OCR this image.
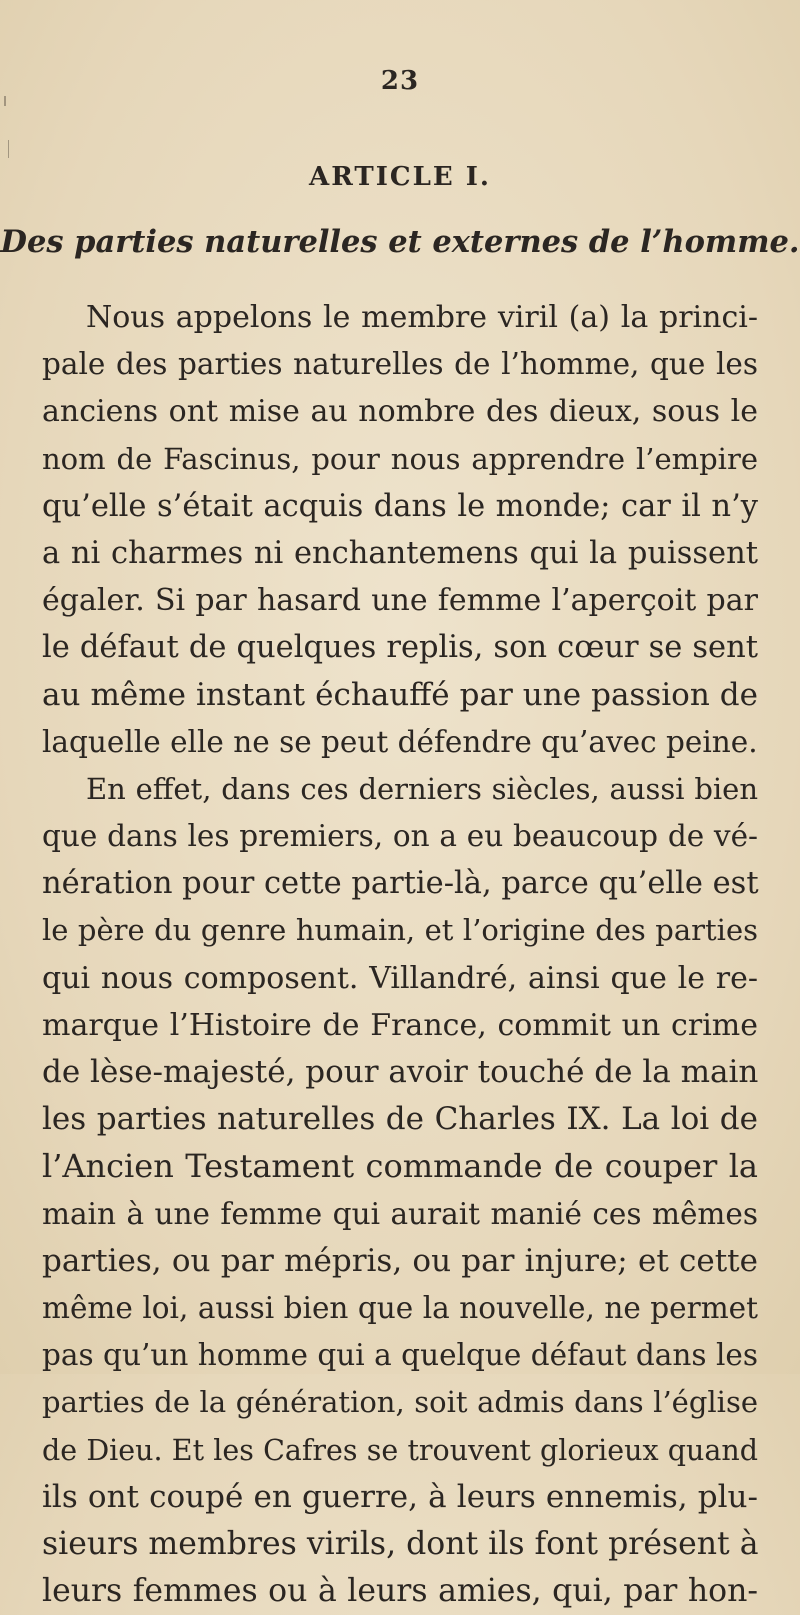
23
ARTICLE I.
Des parties naturelles et externes de l’homme.
Nous appelons le membre viril (a) la princi-
pale des parties naturelles de l’homme, que les
anciens ont mise au nombre des dieux, sous le
nom de Fascinus, pour nous apprendre l’empire
qu’elle s’était acquis dans le monde; car il n’y
a ni charmes ni enchantemens qui la puissent
égaler. Si par hasard une femme l’aperçoit par
le défaut de quelques replis, son cœur se sent
au même instant échauffé par une passion de
laquelle elle ne se peut défendre qu’avec peine.
En effet, dans ces derniers siècles, aussi bien
que dans les premiers, on a eu beaucoup de vé-
nération pour cette partie-là, parce qu’elle est
le père du genre humain, et l’origine des parties
qui nous composent. Villandré, ainsi que le re-
marque l’Histoire de France, commit un crime
de lèse-majesté, pour avoir touché de la main
les parties naturelles de Charles IX. La loi de
l’Ancien Testament commande de couper la
main à une femme qui aurait manié ces mêmes
parties, ou par mépris, ou par injure; et cette
même loi, aussi bien que la nouvelle, ne permet
pas qu’un homme qui a quelque défaut dans les
parties de la génération, soit admis dans l’église
de Dieu. Et les Cafres se trouvent glorieux quand
ils ont coupé en guerre, à leurs ennemis, plu-
sieurs membres virils, dont ils font présent à
leurs femmes ou à leurs amies, qui, par hon-
